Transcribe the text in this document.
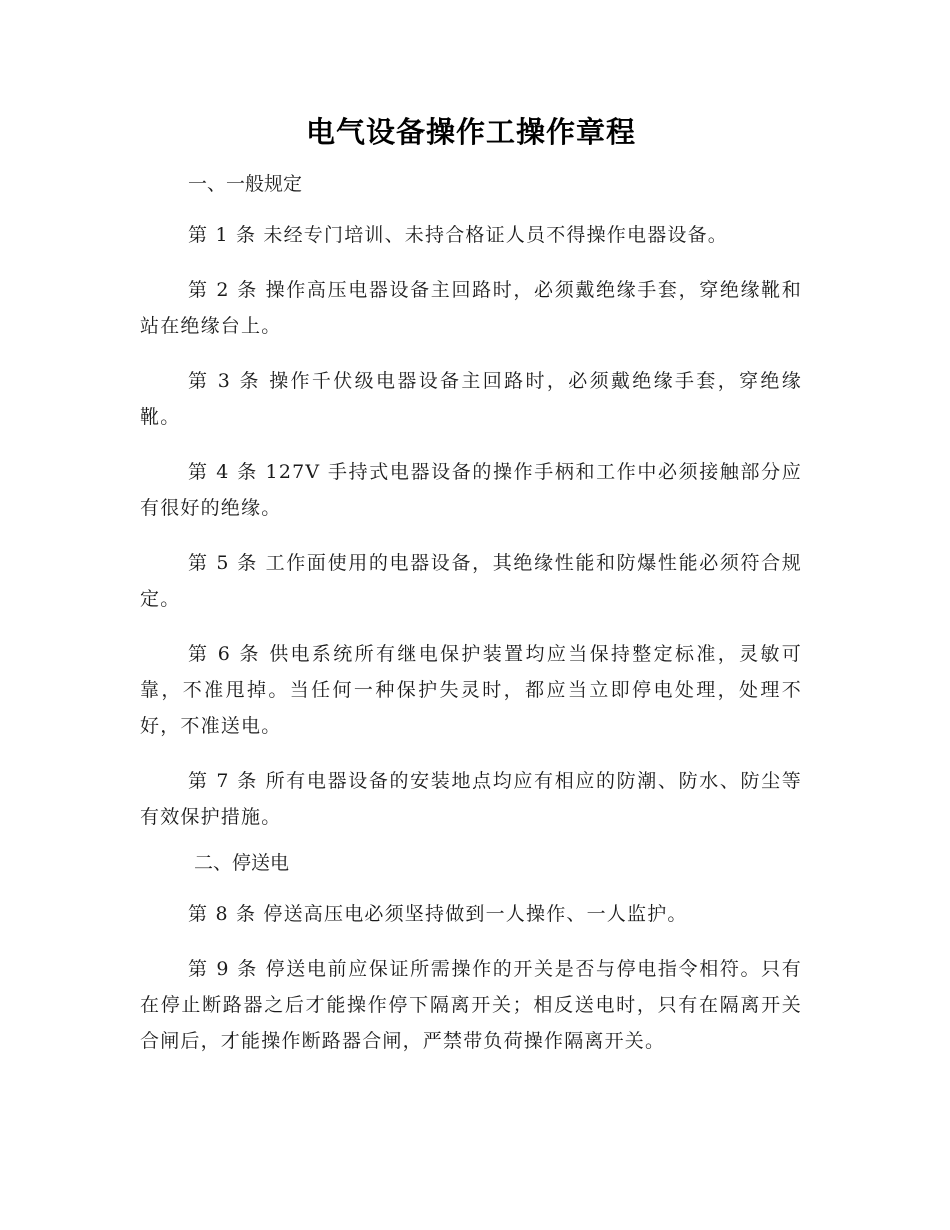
电气设备操作工操作章程

一、一般规定

第 1 条 未经专门培训、未持合格证人员不得操作电器设备。

第 2 条 操作高压电器设备主回路时，必须戴绝缘手套，穿绝缘靴和站在绝缘台上。

第 3 条 操作千伏级电器设备主回路时，必须戴绝缘手套，穿绝缘靴。

第 4 条 127V 手持式电器设备的操作手柄和工作中必须接触部分应有很好的绝缘。

第 5 条 工作面使用的电器设备，其绝缘性能和防爆性能必须符合规定。

第 6 条 供电系统所有继电保护装置均应当保持整定标准，灵敏可靠，不准甩掉。当任何一种保护失灵时，都应当立即停电处理，处理不好，不准送电。

第 7 条 所有电器设备的安装地点均应有相应的防潮、防水、防尘等有效保护措施。

二、停送电

第 8 条 停送高压电必须坚持做到一人操作、一人监护。

第 9 条 停送电前应保证所需操作的开关是否与停电指令相符。只有在停止断路器之后才能操作停下隔离开关；相反送电时，只有在隔离开关合闸后，才能操作断路器合闸，严禁带负荷操作隔离开关。
